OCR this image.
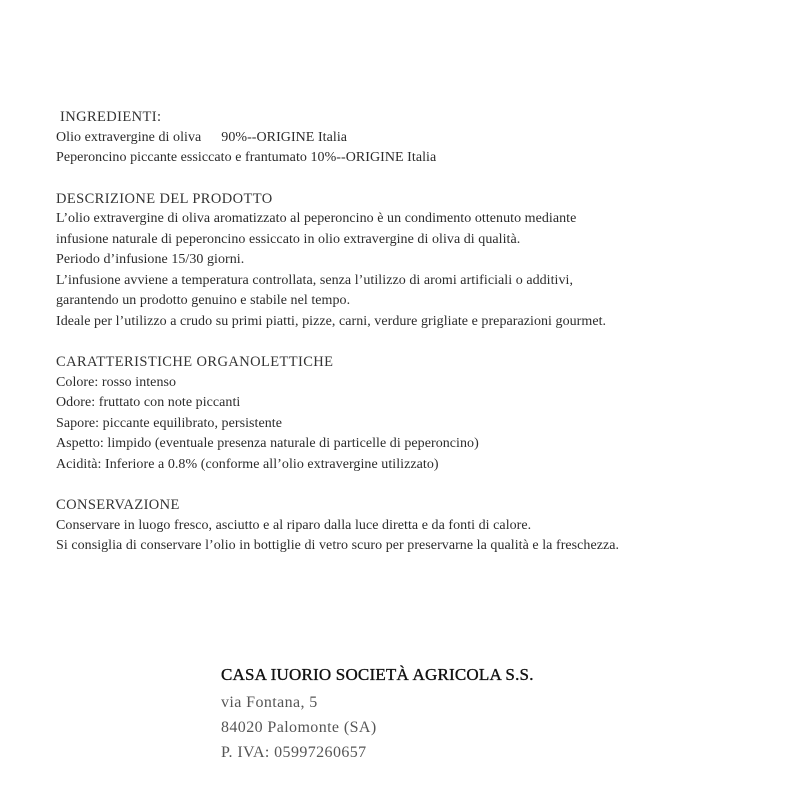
INGREDIENTI:
Olio extravergine di oliva 90%--ORIGINE Italia
Peperoncino piccante essiccato e frantumato 10%--ORIGINE Italia
DESCRIZIONE DEL PRODOTTO
L’olio extravergine di oliva aromatizzato al peperoncino è un condimento ottenuto mediante
infusione naturale di peperoncino essiccato in olio extravergine di oliva di qualità.
Periodo d’infusione 15/30 giorni.
L’infusione avviene a temperatura controllata, senza l’utilizzo di aromi artificiali o additivi,
garantendo un prodotto genuino e stabile nel tempo.
Ideale per l’utilizzo a crudo su primi piatti, pizze, carni, verdure grigliate e preparazioni gourmet.
CARATTERISTICHE ORGANOLETTICHE
Colore: rosso intenso
Odore: fruttato con note piccanti
Sapore: piccante equilibrato, persistente
Aspetto: limpido (eventuale presenza naturale di particelle di peperoncino)
Acidità: Inferiore a 0.8% (conforme all’olio extravergine utilizzato)
CONSERVAZIONE
Conservare in luogo fresco, asciutto e al riparo dalla luce diretta e da fonti di calore.
Si consiglia di conservare l’olio in bottiglie di vetro scuro per preservarne la qualità e la freschezza.
CASA IUORIO SOCIETÀ AGRICOLA S.S.
via Fontana, 5
84020 Palomonte (SA)
P. IVA: 05997260657
